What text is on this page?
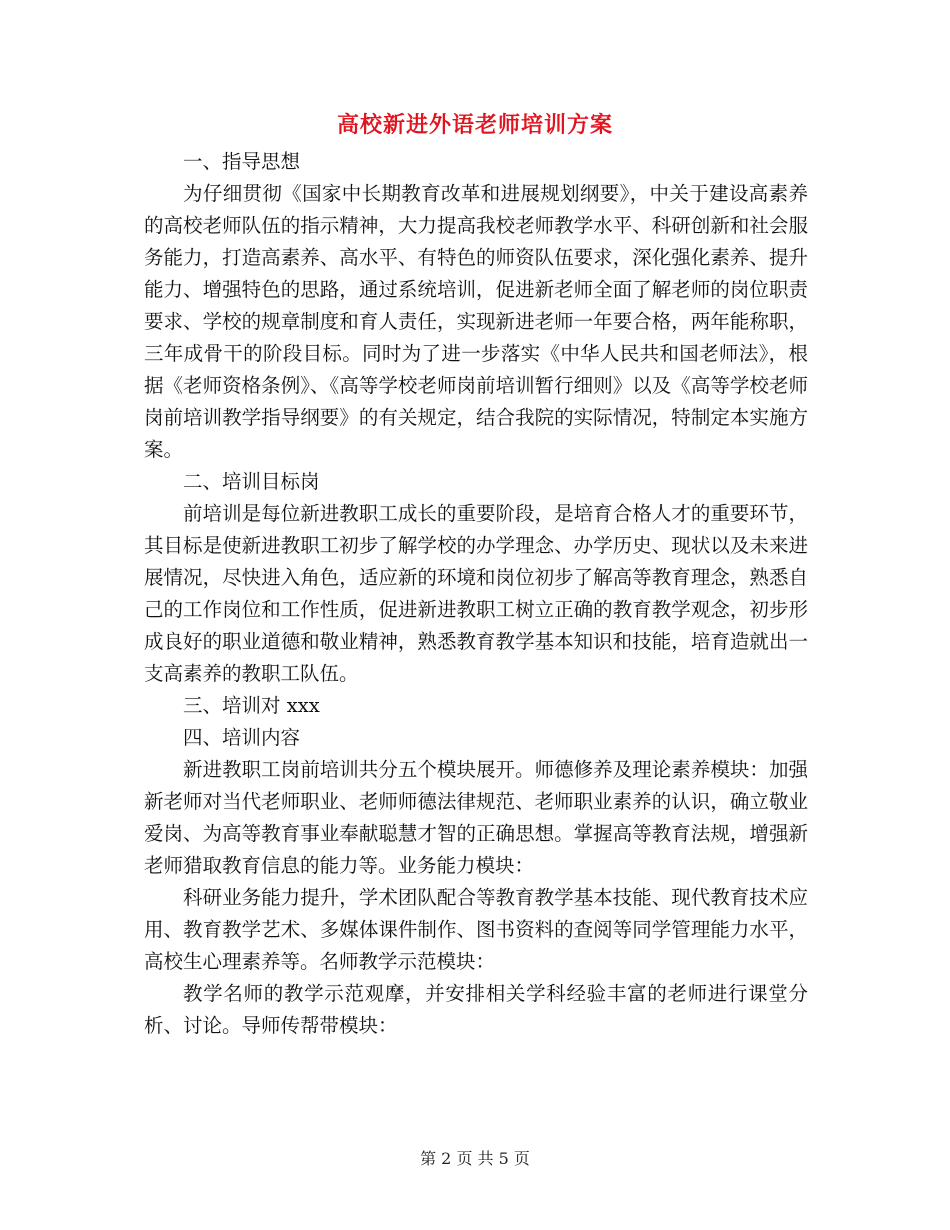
高校新进外语老师培训方案

一、指导思想

为仔细贯彻《国家中长期教育改革和进展规划纲要》，中关于建设高素养的高校老师队伍的指示精神，大力提高我校老师教学水平、科研创新和社会服务能力，打造高素养、高水平、有特色的师资队伍要求，深化强化素养、提升能力、增强特色的思路，通过系统培训，促进新老师全面了解老师的岗位职责要求、学校的规章制度和育人责任，实现新进老师一年要合格，两年能称职，三年成骨干的阶段目标。同时为了进一步落实《中华人民共和国老师法》，根据《老师资格条例》、《高等学校老师岗前培训暂行细则》以及《高等学校老师岗前培训教学指导纲要》的有关规定，结合我院的实际情况，特制定本实施方案。

二、培训目标岗

前培训是每位新进教职工成长的重要阶段，是培育合格人才的重要环节，其目标是使新进教职工初步了解学校的办学理念、办学历史、现状以及未来进展情况，尽快进入角色，适应新的环境和岗位初步了解高等教育理念，熟悉自己的工作岗位和工作性质，促进新进教职工树立正确的教育教学观念，初步形成良好的职业道德和敬业精神，熟悉教育教学基本知识和技能，培育造就出一支高素养的教职工队伍。

三、培训对 xxx

四、培训内容

新进教职工岗前培训共分五个模块展开。师德修养及理论素养模块：加强新老师对当代老师职业、老师师德法律规范、老师职业素养的认识，确立敬业爱岗、为高等教育事业奉献聪慧才智的正确思想。掌握高等教育法规，增强新老师猎取教育信息的能力等。业务能力模块：

科研业务能力提升，学术团队配合等教育教学基本技能、现代教育技术应用、教育教学艺术、多媒体课件制作、图书资料的查阅等同学管理能力水平，高校生心理素养等。名师教学示范模块：

教学名师的教学示范观摩，并安排相关学科经验丰富的老师进行课堂分析、讨论。导师传帮带模块：

第 2 页 共 5 页
